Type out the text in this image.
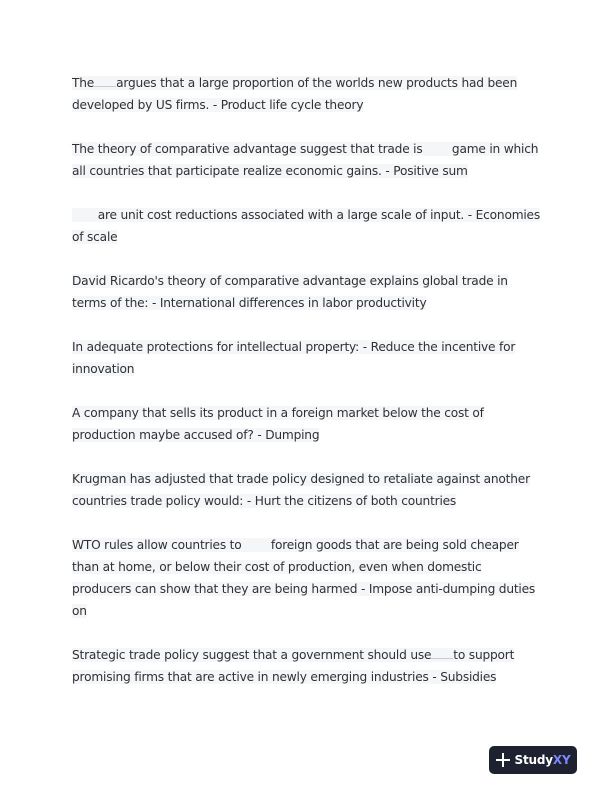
The argues that a large proportion of the worlds new products had been developed by US firms. - Product life cycle theory
The theory of comparative advantage suggest that trade is game in which all countries that participate realize economic gains. - Positive sum
are unit cost reductions associated with a large scale of input. - Economies of scale
David Ricardo's theory of comparative advantage explains global trade in terms of the: - International differences in labor productivity
In adequate protections for intellectual property: - Reduce the incentive for innovation
A company that sells its product in a foreign market below the cost of production maybe accused of? - Dumping
Krugman has adjusted that trade policy designed to retaliate against another countries trade policy would: - Hurt the citizens of both countries
WTO rules allow countries to foreign goods that are being sold cheaper than at home, or below their cost of production, even when domestic producers can show that they are being harmed - Impose anti-dumping duties on
Strategic trade policy suggest that a government should use to support promising firms that are active in newly emerging industries - Subsidies
StudyXY
